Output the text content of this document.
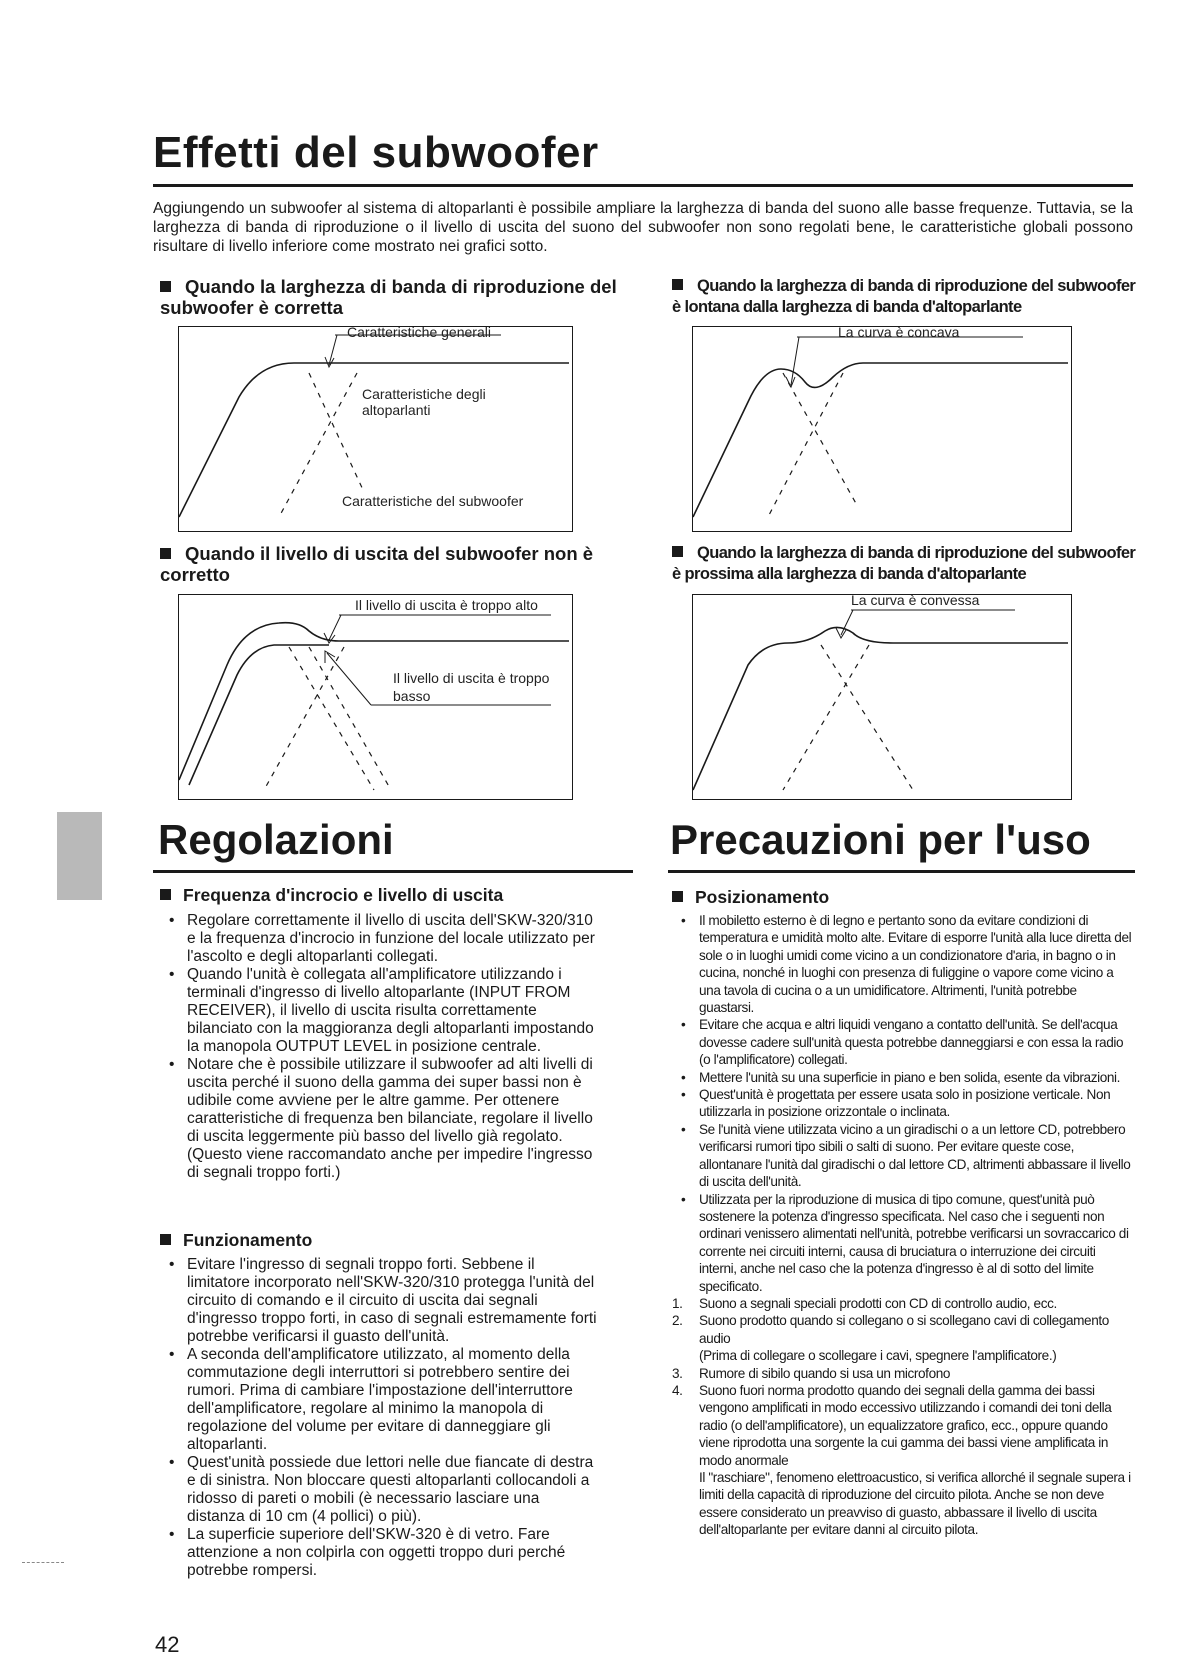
Effetti del subwoofer

Aggiungendo un subwoofer al sistema di altoparlanti è possibile ampliare la larghezza di banda del suono alle basse frequenze. Tuttavia, se la larghezza di banda di riproduzione o il livello di uscita del suono del subwoofer non sono regolati bene, le caratteristiche globali possono risultare di livello inferiore come mostrato nei grafici sotto.

Quando la larghezza di banda di riproduzione del subwoofer è corretta
Quando la larghezza di banda di riproduzione del subwoofer è lontana dalla larghezza di banda d'altoparlante
Caratteristiche generali
Caratteristiche degli altoparlanti
Caratteristiche del subwoofer
La curva è concava
Quando il livello di uscita del subwoofer non è corretto
Quando la larghezza di banda di riproduzione del subwoofer è prossima alla larghezza di banda d'altoparlante
Il livello di uscita è troppo alto
Il livello di uscita è troppo basso
La curva è convessa
Regolazioni	Precauzioni per l'uso
Frequenza d'incrocio e livello di uscita
• Regolare correttamente il livello di uscita dell'SKW-320/310 e la frequenza d'incrocio in funzione del locale utilizzato per l'ascolto e degli altoparlanti collegati.
• Quando l'unità è collegata all'amplificatore utilizzando i terminali d'ingresso di livello altoparlante (INPUT FROM RECEIVER), il livello di uscita risulta correttamente bilanciato con la maggioranza degli altoparlanti impostando la manopola OUTPUT LEVEL in posizione centrale.
• Notare che è possibile utilizzare il subwoofer ad alti livelli di uscita perché il suono della gamma dei super bassi non è udibile come avviene per le altre gamme. Per ottenere caratteristiche di frequenza ben bilanciate, regolare il livello di uscita leggermente più basso del livello già regolato. (Questo viene raccomandato anche per impedire l'ingresso di segnali troppo forti.)
Funzionamento
• Evitare l'ingresso di segnali troppo forti. Sebbene il limitatore incorporato nell'SKW-320/310 protegga l'unità del circuito di comando e il circuito di uscita dai segnali d'ingresso troppo forti, in caso di segnali estremamente forti potrebbe verificarsi il guasto dell'unità.
• A seconda dell'amplificatore utilizzato, al momento della commutazione degli interruttori si potrebbero sentire dei rumori. Prima di cambiare l'impostazione dell'interruttore dell'amplificatore, regolare al minimo la manopola di regolazione del volume per evitare di danneggiare gli altoparlanti.
• Quest'unità possiede due lettori nelle due fiancate di destra e di sinistra. Non bloccare questi altoparlanti collocandoli a ridosso di pareti o mobili (è necessario lasciare una distanza di 10 cm (4 pollici) o più).
• La superficie superiore dell'SKW-320 è di vetro. Fare attenzione a non colpirla con oggetti troppo duri perché potrebbe rompersi.
Posizionamento
• Il mobiletto esterno è di legno e pertanto sono da evitare condizioni di temperatura e umidità molto alte. Evitare di esporre l'unità alla luce diretta del sole o in luoghi umidi come vicino a un condizionatore d'aria, in bagno o in cucina, nonché in luoghi con presenza di fuliggine o vapore come vicino a una tavola di cucina o a un umidificatore. Altrimenti, l'unità potrebbe guastarsi.
• Evitare che acqua e altri liquidi vengano a contatto dell'unità. Se dell'acqua dovesse cadere sull'unità questa potrebbe danneggiarsi e con essa la radio (o l'amplificatore) collegati.
• Mettere l'unità su una superficie in piano e ben solida, esente da vibrazioni.
• Quest'unità è progettata per essere usata solo in posizione verticale. Non utilizzarla in posizione orizzontale o inclinata.
• Se l'unità viene utilizzata vicino a un giradischi o a un lettore CD, potrebbero verificarsi rumori tipo sibili o salti di suono. Per evitare queste cose, allontanare l'unità dal giradischi o dal lettore CD, altrimenti abbassare il livello di uscita dell'unità.
• Utilizzata per la riproduzione di musica di tipo comune, quest'unità può sostenere la potenza d'ingresso specificata. Nel caso che i seguenti non ordinari venissero alimentati nell'unità, potrebbe verificarsi un sovraccarico di corrente nei circuiti interni, causa di bruciatura o interruzione dei circuiti interni, anche nel caso che la potenza d'ingresso è al di sotto del limite specificato.
1. Suono a segnali speciali prodotti con CD di controllo audio, ecc.
2. Suono prodotto quando si collegano o si scollegano cavi di collegamento audio
(Prima di collegare o scollegare i cavi, spegnere l'amplificatore.)
3. Rumore di sibilo quando si usa un microfono
4. Suono fuori norma prodotto quando dei segnali della gamma dei bassi vengono amplificati in modo eccessivo utilizzando i comandi dei toni della radio (o dell'amplificatore), un equalizzatore grafico, ecc., oppure quando viene riprodotta una sorgente la cui gamma dei bassi viene amplificata in modo anormale
Il "raschiare", fenomeno elettroacustico, si verifica allorché il segnale supera i limiti della capacità di riproduzione del circuito pilota. Anche se non deve essere considerato un preavviso di guasto, abbassare il livello di uscita dell'altoparlante per evitare danni al circuito pilota.
42
